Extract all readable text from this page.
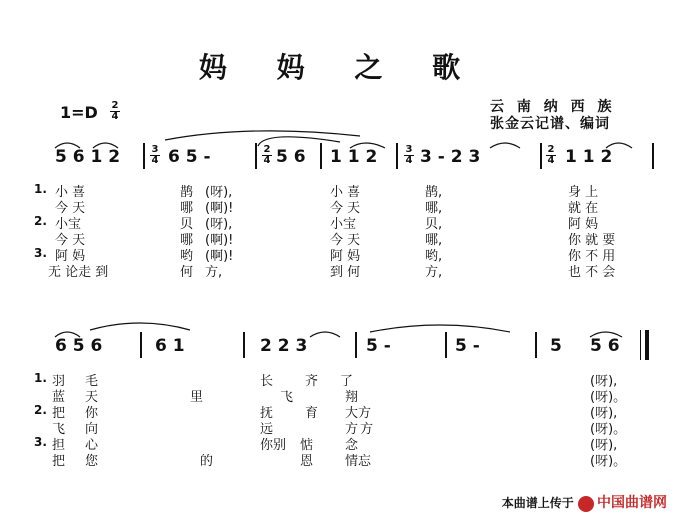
妈 妈 之 歌
$1=D \frac{2}{4}$	云 南 纳 西 族
张金云记谱、编词
5 6 1 2	$\frac{3}{4} 6$ 5 -	$\frac{2}{4} 5$ 6 1 1 2	$\frac{3}{4} 3 - 2$ 3	$\frac{2}{4} 1$ 1 2
1. 小 喜	鹊 (呀),	小 喜	鹊,	身 上
今 天	哪 (啊)!	今 天	哪,	就 在
2. 小宝	贝 (呀),	小宝	贝,	阿 妈
今 天	哪 (啊)!	今 天	哪,	你 就 要
3. 阿 妈	哟 (啊)!	阿 妈	哟,	你 不 用
无 论走 到	何 方,	到 何	方,	也 不 会
6 5 6	6 1	2 2 3	5 -	5 -	5 5 6
1. 羽 毛	长 齐 了	(呀),
蓝 天	里	飞	翔	(呀)。
2. 把 你	抚 育 大方	(呀),
飞 向	远	方 方	(呀)。
3. 担 心	你别 惦 念	(呀),
把 您	的	恩 情忘	(呀)。
本曲谱上传于 中国曲谱网
